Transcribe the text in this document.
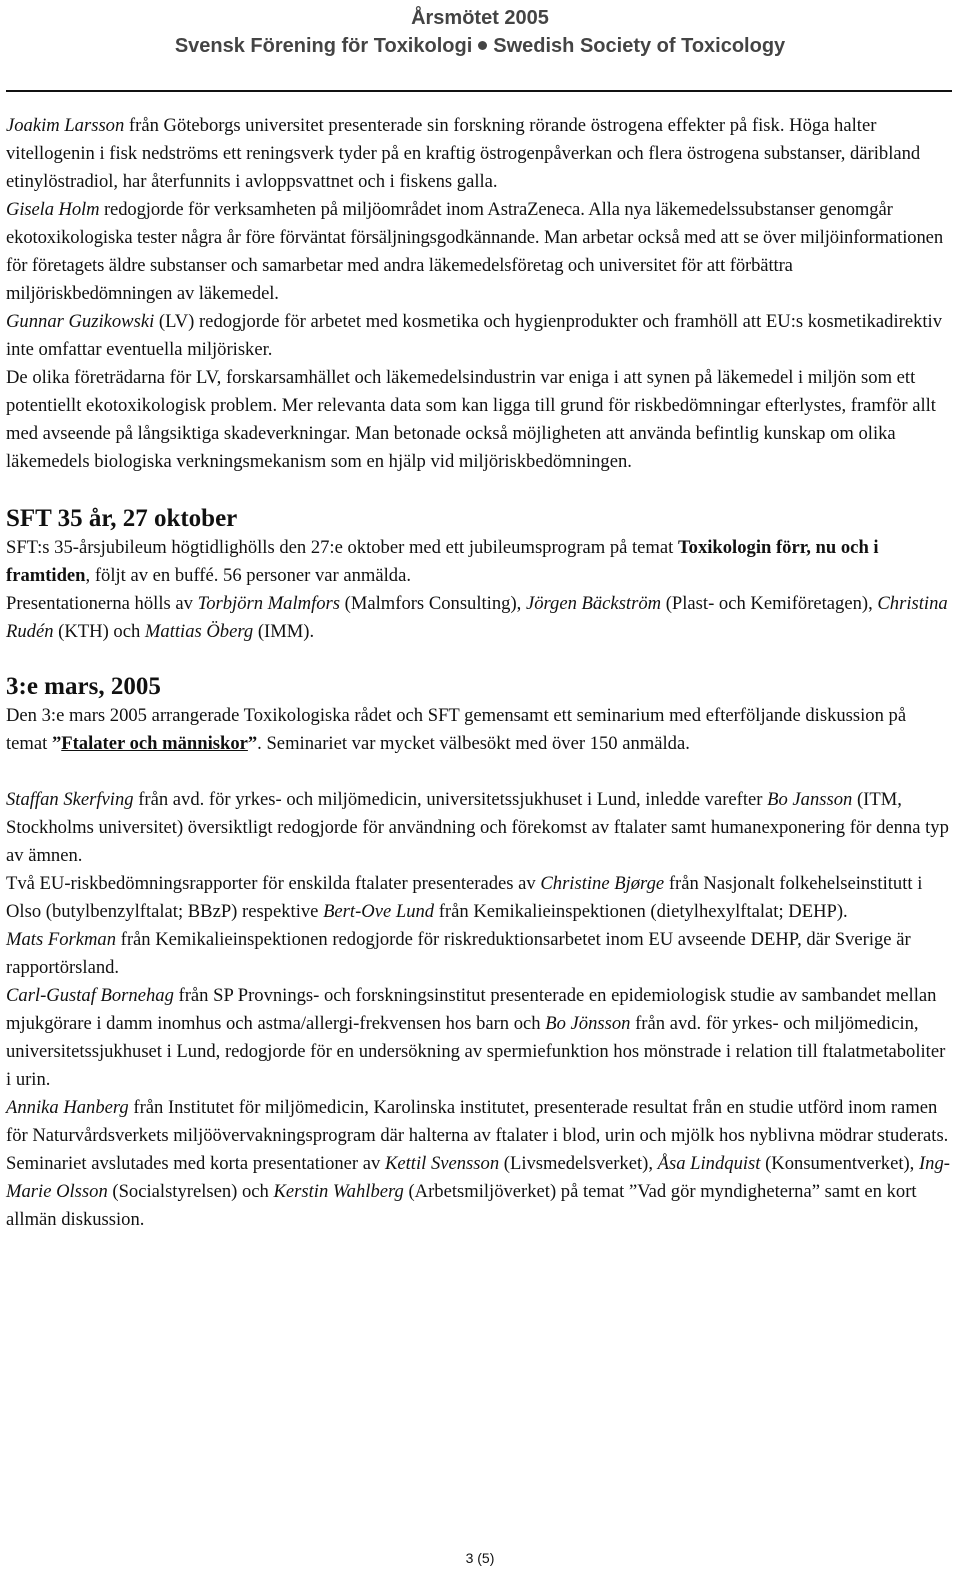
Årsmötet 2005
Svensk Förening för Toxikologi Swedish Society of Toxicology

Joakim Larsson från Göteborgs universitet presenterade sin forskning rörande östrogena effekter på fisk. Höga halter vitellogenin i fisk nedströms ett reningsverk tyder på en kraftig östrogenpåverkan och flera östrogena substanser, däribland etinylöstradiol, har återfunnits i avloppsvattnet och i fiskens galla.

Gisela Holm redogjorde för verksamheten på miljöområdet inom AstraZeneca. Alla nya läkemedelssubstanser genomgår ekotoxikologiska tester några år före förväntat försäljningsgodkännande. Man arbetar också med att se över miljöinformationen för företagets äldre substanser och samarbetar med andra läkemedelsföretag och universitet för att förbättra miljöriskbedömningen av läkemedel.

Gunnar Guzikowski (LV) redogjorde för arbetet med kosmetika och hygienprodukter och framhöll att EU:s kosmetikadirektiv inte omfattar eventuella miljörisker.

De olika företrädarna för LV, forskarsamhället och läkemedelsindustrin var eniga i att synen på läkemedel i miljön som ett potentiellt ekotoxikologisk problem. Mer relevanta data som kan ligga till grund för riskbedömningar efterlystes, framför allt med avseende på långsiktiga skadeverkningar. Man betonade också möjligheten att använda befintlig kunskap om olika läkemedels biologiska verkningsmekanism som en hjälp vid miljöriskbedömningen.

SFT 35 år, 27 oktober

SFT:s 35-årsjubileum högtidlighölls den 27:e oktober med ett jubileumsprogram på temat Toxikologin förr, nu och i framtiden, följt av en buffé. 56 personer var anmälda.

Presentationerna hölls av Torbjörn Malmfors (Malmfors Consulting), Jörgen Bäckström (Plast- och Kemiföretagen), Christina Rudén (KTH) och Mattias Öberg (IMM).

3:e mars, 2005

Den 3:e mars 2005 arrangerade Toxikologiska rådet och SFT gemensamt ett seminarium med efterföljande diskussion på temat ”Ftalater och människor”. Seminariet var mycket välbesökt med över 150 anmälda.

Staffan Skerfving från avd. för yrkes- och miljömedicin, universitetssjukhuset i Lund, inledde varefter Bo Jansson (ITM, Stockholms universitet) översiktligt redogjorde för användning och förekomst av ftalater samt humanexponering för denna typ av ämnen.

Två EU-riskbedömningsrapporter för enskilda ftalater presenterades av Christine Bjørge från Nasjonalt folkehelseinstitutt i Olso (butylbenzylftalat; BBzP) respektive Bert-Ove Lund från Kemikalieinspektionen (dietylhexylftalat; DEHP).

Mats Forkman från Kemikalieinspektionen redogjorde för riskreduktionsarbetet inom EU avseende DEHP, där Sverige är rapportörsland.

Carl-Gustaf Bornehag från SP Provnings- och forskningsinstitut presenterade en epidemiologisk studie av sambandet mellan mjukgörare i damm inomhus och astma/allergi-frekvensen hos barn och Bo Jönsson från avd. för yrkes- och miljömedicin, universitetssjukhuset i Lund, redogjorde för en undersökning av spermiefunktion hos mönstrade i relation till ftalatmetaboliter i urin.

Annika Hanberg från Institutet för miljömedicin, Karolinska institutet, presenterade resultat från en studie utförd inom ramen för Naturvårdsverkets miljöövervakningsprogram där halterna av ftalater i blod, urin och mjölk hos nyblivna mödrar studerats.

Seminariet avslutades med korta presentationer av Kettil Svensson (Livsmedelsverket), Åsa Lindquist (Konsumentverket), Ing-Marie Olsson (Socialstyrelsen) och Kerstin Wahlberg (Arbetsmiljöverket) på temat ”Vad gör myndigheterna” samt en kort allmän diskussion.

3 (5)
